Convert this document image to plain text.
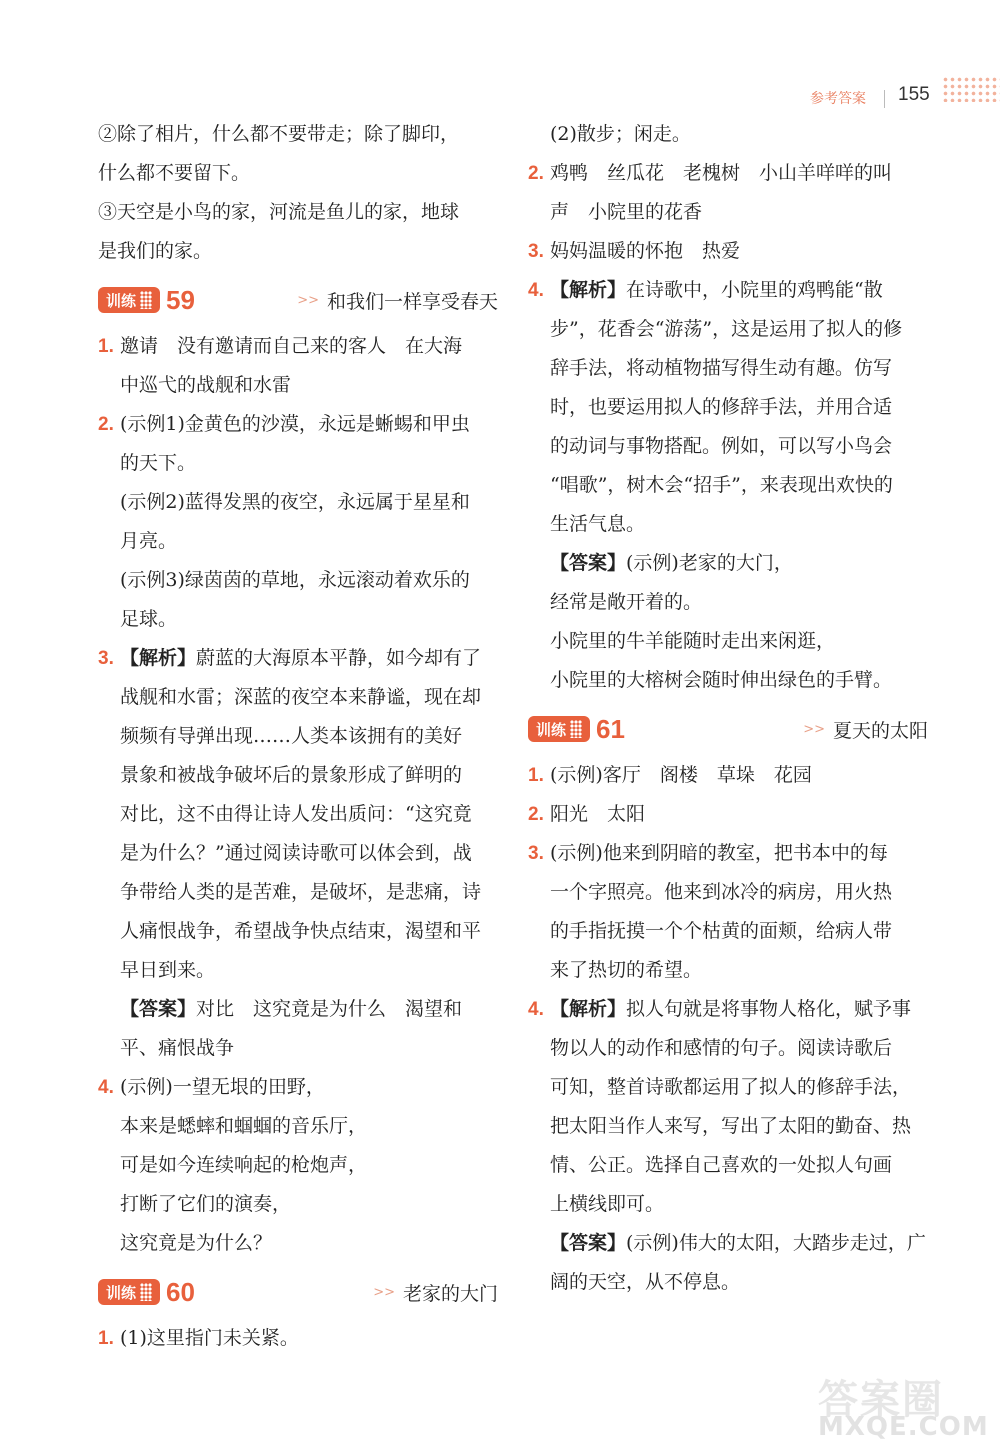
参考答案 155
②除了相片，什么都不要带走；除了脚印，
什么都不要留下。
③天空是小鸟的家，河流是鱼儿的家，地球
是我们的家。
训练 59	>> 和我们一样享受春天
1. 邀请　没有邀请而自己来的客人　在大海
中巡弋的战舰和水雷
2. (示例1)金黄色的沙漠，永远是蜥蜴和甲虫
的天下。
(示例2)蓝得发黑的夜空，永远属于星星和
月亮。
(示例3)绿茵茵的草地，永远滚动着欢乐的
足球。
3. 【解析】蔚蓝的大海原本平静，如今却有了
战舰和水雷；深蓝的夜空本来静谧，现在却
频频有导弹出现……人类本该拥有的美好
景象和被战争破坏后的景象形成了鲜明的
对比，这不由得让诗人发出质问：“这究竟
是为什么？”通过阅读诗歌可以体会到，战
争带给人类的是苦难，是破坏，是悲痛，诗
人痛恨战争，希望战争快点结束，渴望和平
早日到来。
【答案】对比　这究竟是为什么　渴望和
平、痛恨战争
4. (示例)一望无垠的田野，
本来是蟋蟀和蝈蝈的音乐厅，
可是如今连续响起的枪炮声，
打断了它们的演奏，
这究竟是为什么？
训练 60	>> 老家的大门
1. (1)这里指门未关紧。
(2)散步；闲走。
2. 鸡鸭　丝瓜花　老槐树　小山羊咩咩的叫
声　小院里的花香
3. 妈妈温暖的怀抱　热爱
4. 【解析】在诗歌中，小院里的鸡鸭能“散
步”，花香会“游荡”，这是运用了拟人的修
辞手法，将动植物描写得生动有趣。仿写
时，也要运用拟人的修辞手法，并用合适
的动词与事物搭配。例如，可以写小鸟会
“唱歌”，树木会“招手”，来表现出欢快的
生活气息。
【答案】(示例)老家的大门，
经常是敞开着的。
小院里的牛羊能随时走出来闲逛，
小院里的大榕树会随时伸出绿色的手臂。
训练 61	>> 夏天的太阳
1. (示例)客厅　阁楼　草垛　花园
2. 阳光　太阳
3. (示例)他来到阴暗的教室，把书本中的每
一个字照亮。他来到冰冷的病房，用火热
的手指抚摸一个个枯黄的面颊，给病人带
来了热切的希望。
4. 【解析】拟人句就是将事物人格化，赋予事
物以人的动作和感情的句子。阅读诗歌后
可知，整首诗歌都运用了拟人的修辞手法，
把太阳当作人来写，写出了太阳的勤奋、热
情、公正。选择自己喜欢的一处拟人句画
上横线即可。
【答案】(示例)伟大的太阳，大踏步走过，广
阔的天空，从不停息。
答案圈
MXQE.COM
